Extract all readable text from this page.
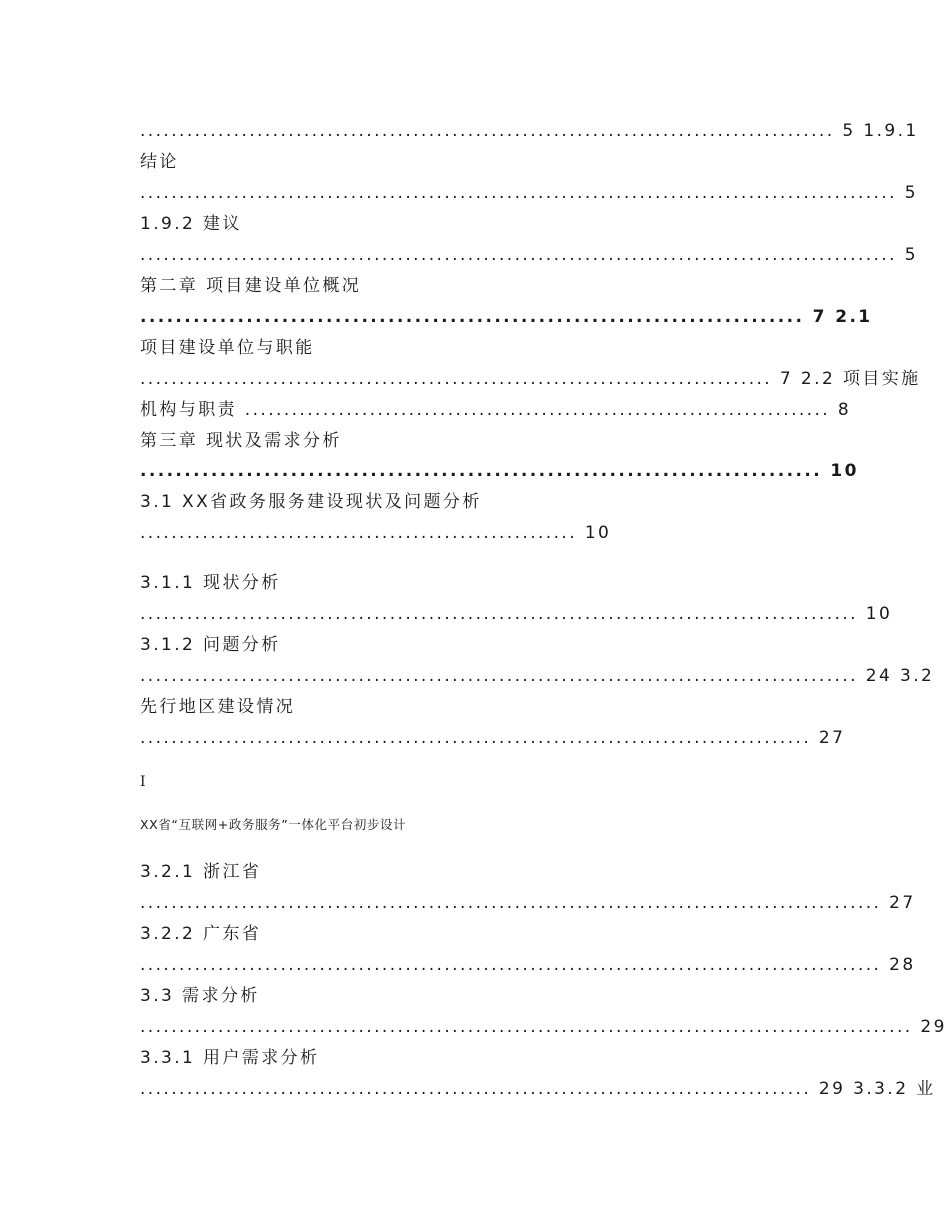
......................................................................................... 5 1.9.1
结论
................................................................................................. 5
1.9.2 建议
................................................................................................. 5
第二章 项目建设单位概况
........................................................................... 7 2.1
项目建设单位与职能
................................................................................. 7 2.2 项目实施
机构与职责 ........................................................................... 8
第三章 现状及需求分析
............................................................................. 10
3.1 XX省政务服务建设现状及问题分析
........................................................ 10
3.1.1 现状分析
............................................................................................ 10
3.1.2 问题分析
............................................................................................ 24 3.2
先行地区建设情况
...................................................................................... 27
I
XX省“互联网+政务服务”一体化平台初步设计
3.2.1 浙江省
............................................................................................... 27
3.2.2 广东省
............................................................................................... 28
3.3 需求分析
................................................................................................... 29
3.3.1 用户需求分析
...................................................................................... 29 3.3.2 业
